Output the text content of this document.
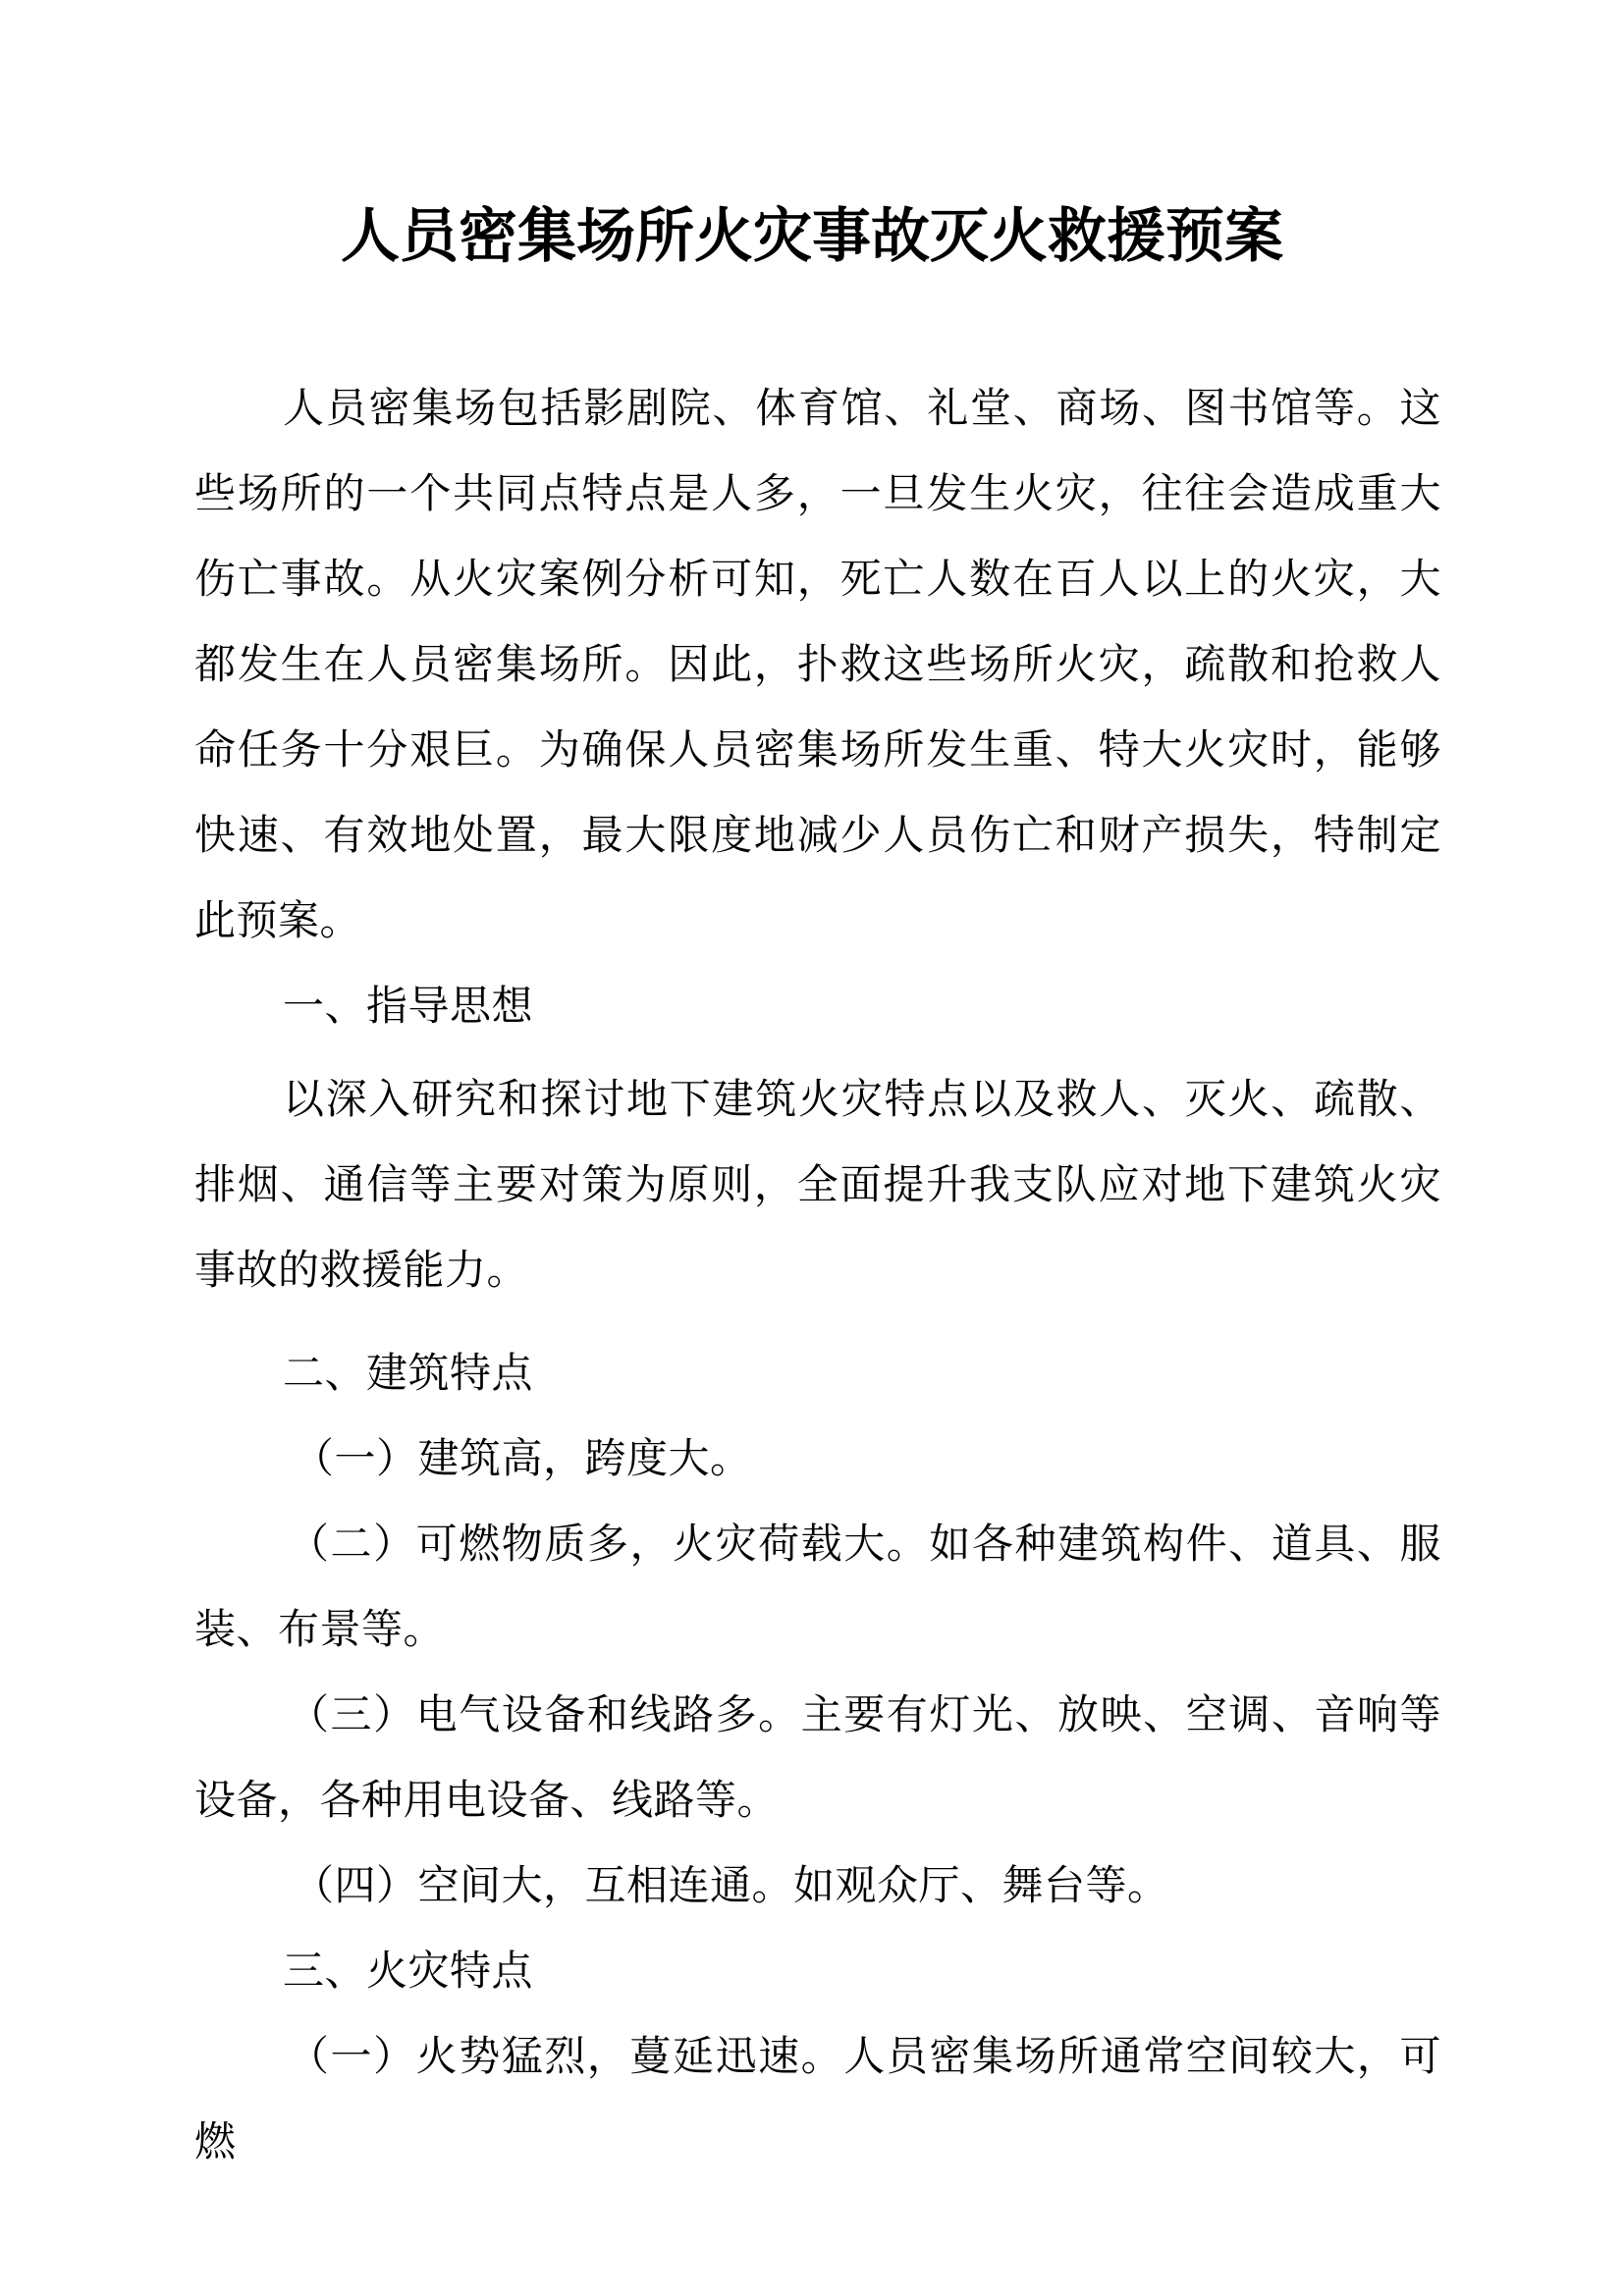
人员密集场所火灾事故灭火救援预案

人员密集场包括影剧院、体育馆、礼堂、商场、图书馆等。这些场所的一个共同点特点是人多，一旦发生火灾，往往会造成重大伤亡事故。从火灾案例分析可知，死亡人数在百人以上的火灾，大都发生在人员密集场所。因此，扑救这些场所火灾，疏散和抢救人命任务十分艰巨。为确保人员密集场所发生重、特大火灾时，能够快速、有效地处置，最大限度地减少人员伤亡和财产损失，特制定此预案。

一、指导思想

以深入研究和探讨地下建筑火灾特点以及救人、灭火、疏散、排烟、通信等主要对策为原则，全面提升我支队应对地下建筑火灾事故的救援能力。

二、建筑特点

（一）建筑高，跨度大。

（二）可燃物质多，火灾荷载大。如各种建筑构件、道具、服装、布景等。

（三）电气设备和线路多。主要有灯光、放映、空调、音响等设备，各种用电设备、线路等。

（四）空间大，互相连通。如观众厅、舞台等。

三、火灾特点

（一）火势猛烈，蔓延迅速。人员密集场所通常空间较大，可燃
